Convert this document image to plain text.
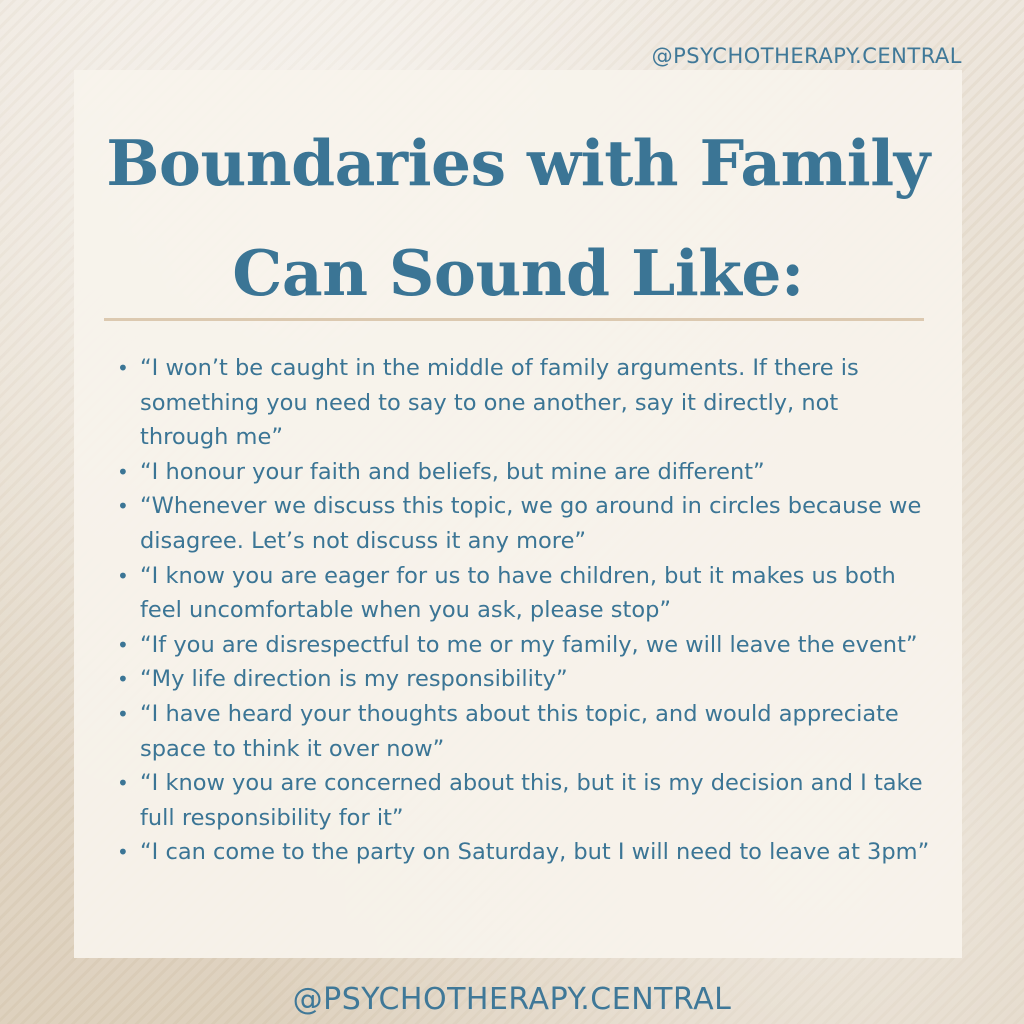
@PSYCHOTHERAPY.CENTRAL
Boundaries with Family
Can Sound Like:
• “I won’t be caught in the middle of family arguments. If there is something you need to say to one another, say it directly, not through me”
• “I honour your faith and beliefs, but mine are different”
• “Whenever we discuss this topic, we go around in circles because we disagree. Let’s not discuss it any more”
• “I know you are eager for us to have children, but it makes us both feel uncomfortable when you ask, please stop”
• “If you are disrespectful to me or my family, we will leave the event”
• “My life direction is my responsibility”
• “I have heard your thoughts about this topic, and would appreciate space to think it over now”
• “I know you are concerned about this, but it is my decision and I take full responsibility for it”
• “I can come to the party on Saturday, but I will need to leave at 3pm”
@PSYCHOTHERAPY.CENTRAL
